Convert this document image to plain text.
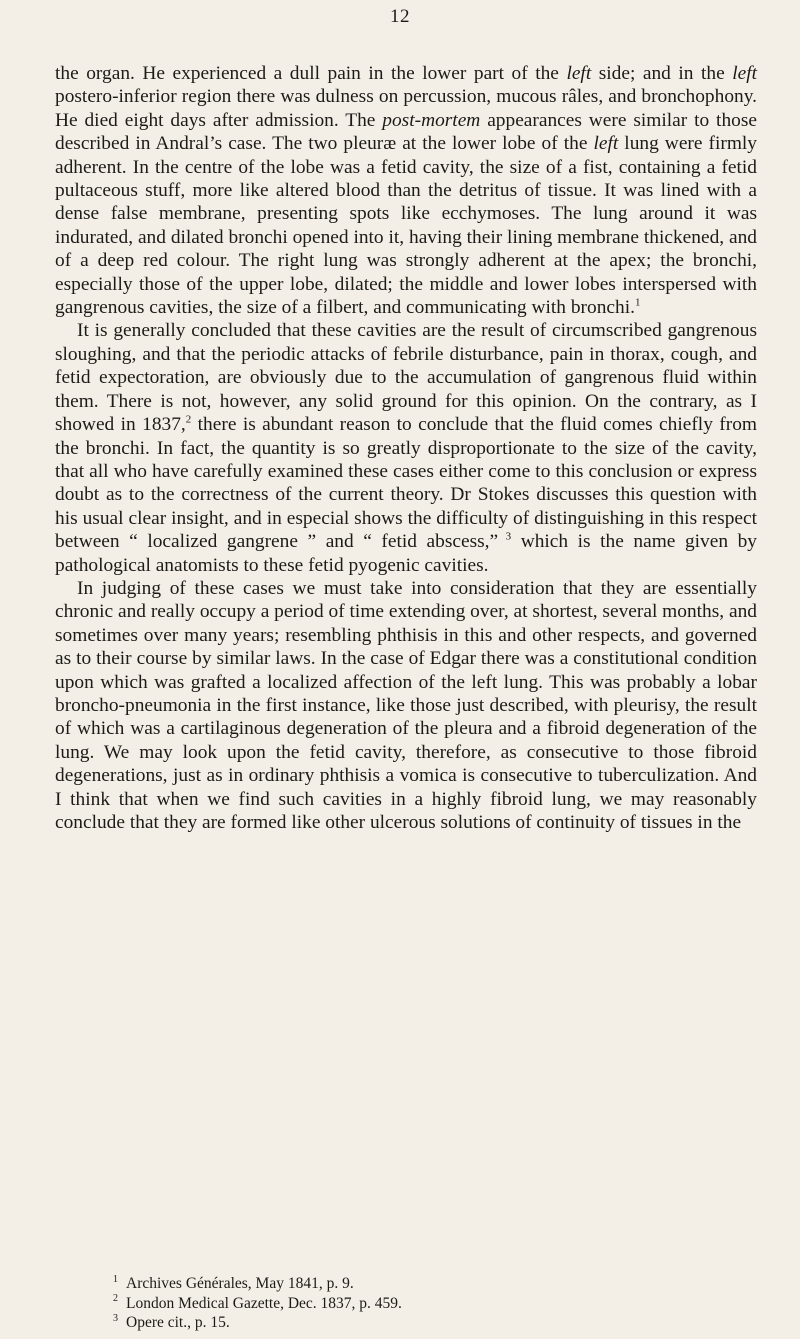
12

the organ. He experienced a dull pain in the lower part of the left side; and in the left postero-inferior region there was dulness on percussion, mucous râles, and bronchophony. He died eight days after admission. The post-mortem appearances were similar to those described in Andral’s case. The two pleuræ at the lower lobe of the left lung were firmly adherent. In the centre of the lobe was a fetid cavity, the size of a fist, containing a fetid pultaceous stuff, more like altered blood than the detritus of tissue. It was lined with a dense false membrane, presenting spots like ecchymoses. The lung around it was indurated, and dilated bronchi opened into it, having their lining membrane thickened, and of a deep red colour. The right lung was strongly adherent at the apex; the bronchi, especially those of the upper lobe, dilated; the middle and lower lobes interspersed with gangrenous cavities, the size of a filbert, and communicating with bronchi.$^1$

It is generally concluded that these cavities are the result of circumscribed gangrenous sloughing, and that the periodic attacks of febrile disturbance, pain in thorax, cough, and fetid expectoration, are obviously due to the accumulation of gangrenous fluid within them. There is not, however, any solid ground for this opinion. On the contrary, as I showed in 1837,$^2$ there is abundant reason to conclude that the fluid comes chiefly from the bronchi. In fact, the quantity is so greatly disproportionate to the size of the cavity, that all who have carefully examined these cases either come to this conclusion or express doubt as to the correctness of the current theory. Dr Stokes discusses this question with his usual clear insight, and in especial shows the difficulty of distinguishing in this respect between “ localized gangrene ” and “ fetid abscess,” $^3$ which is the name given by pathological anatomists to these fetid pyogenic cavities.

In judging of these cases we must take into consideration that they are essentially chronic and really occupy a period of time extending over, at shortest, several months, and sometimes over many years; resembling phthisis in this and other respects, and governed as to their course by similar laws. In the case of Edgar there was a constitutional condition upon which was grafted a localized affection of the left lung. This was probably a lobar broncho-pneumonia in the first instance, like those just described, with pleurisy, the result of which was a cartilaginous degeneration of the pleura and a fibroid degeneration of the lung. We may look upon the fetid cavity, therefore, as consecutive to those fibroid degenerations, just as in ordinary phthisis a vomica is consecutive to tuberculization. And I think that when we find such cavities in a highly fibroid lung, we may reasonably conclude that they are formed like other ulcerous solutions of continuity of tissues in the

$^1$ Archives Générales, May 1841, p. 9.
$^2$ London Medical Gazette, Dec. 1837, p. 459.
$^3$ Opere cit., p. 15.
